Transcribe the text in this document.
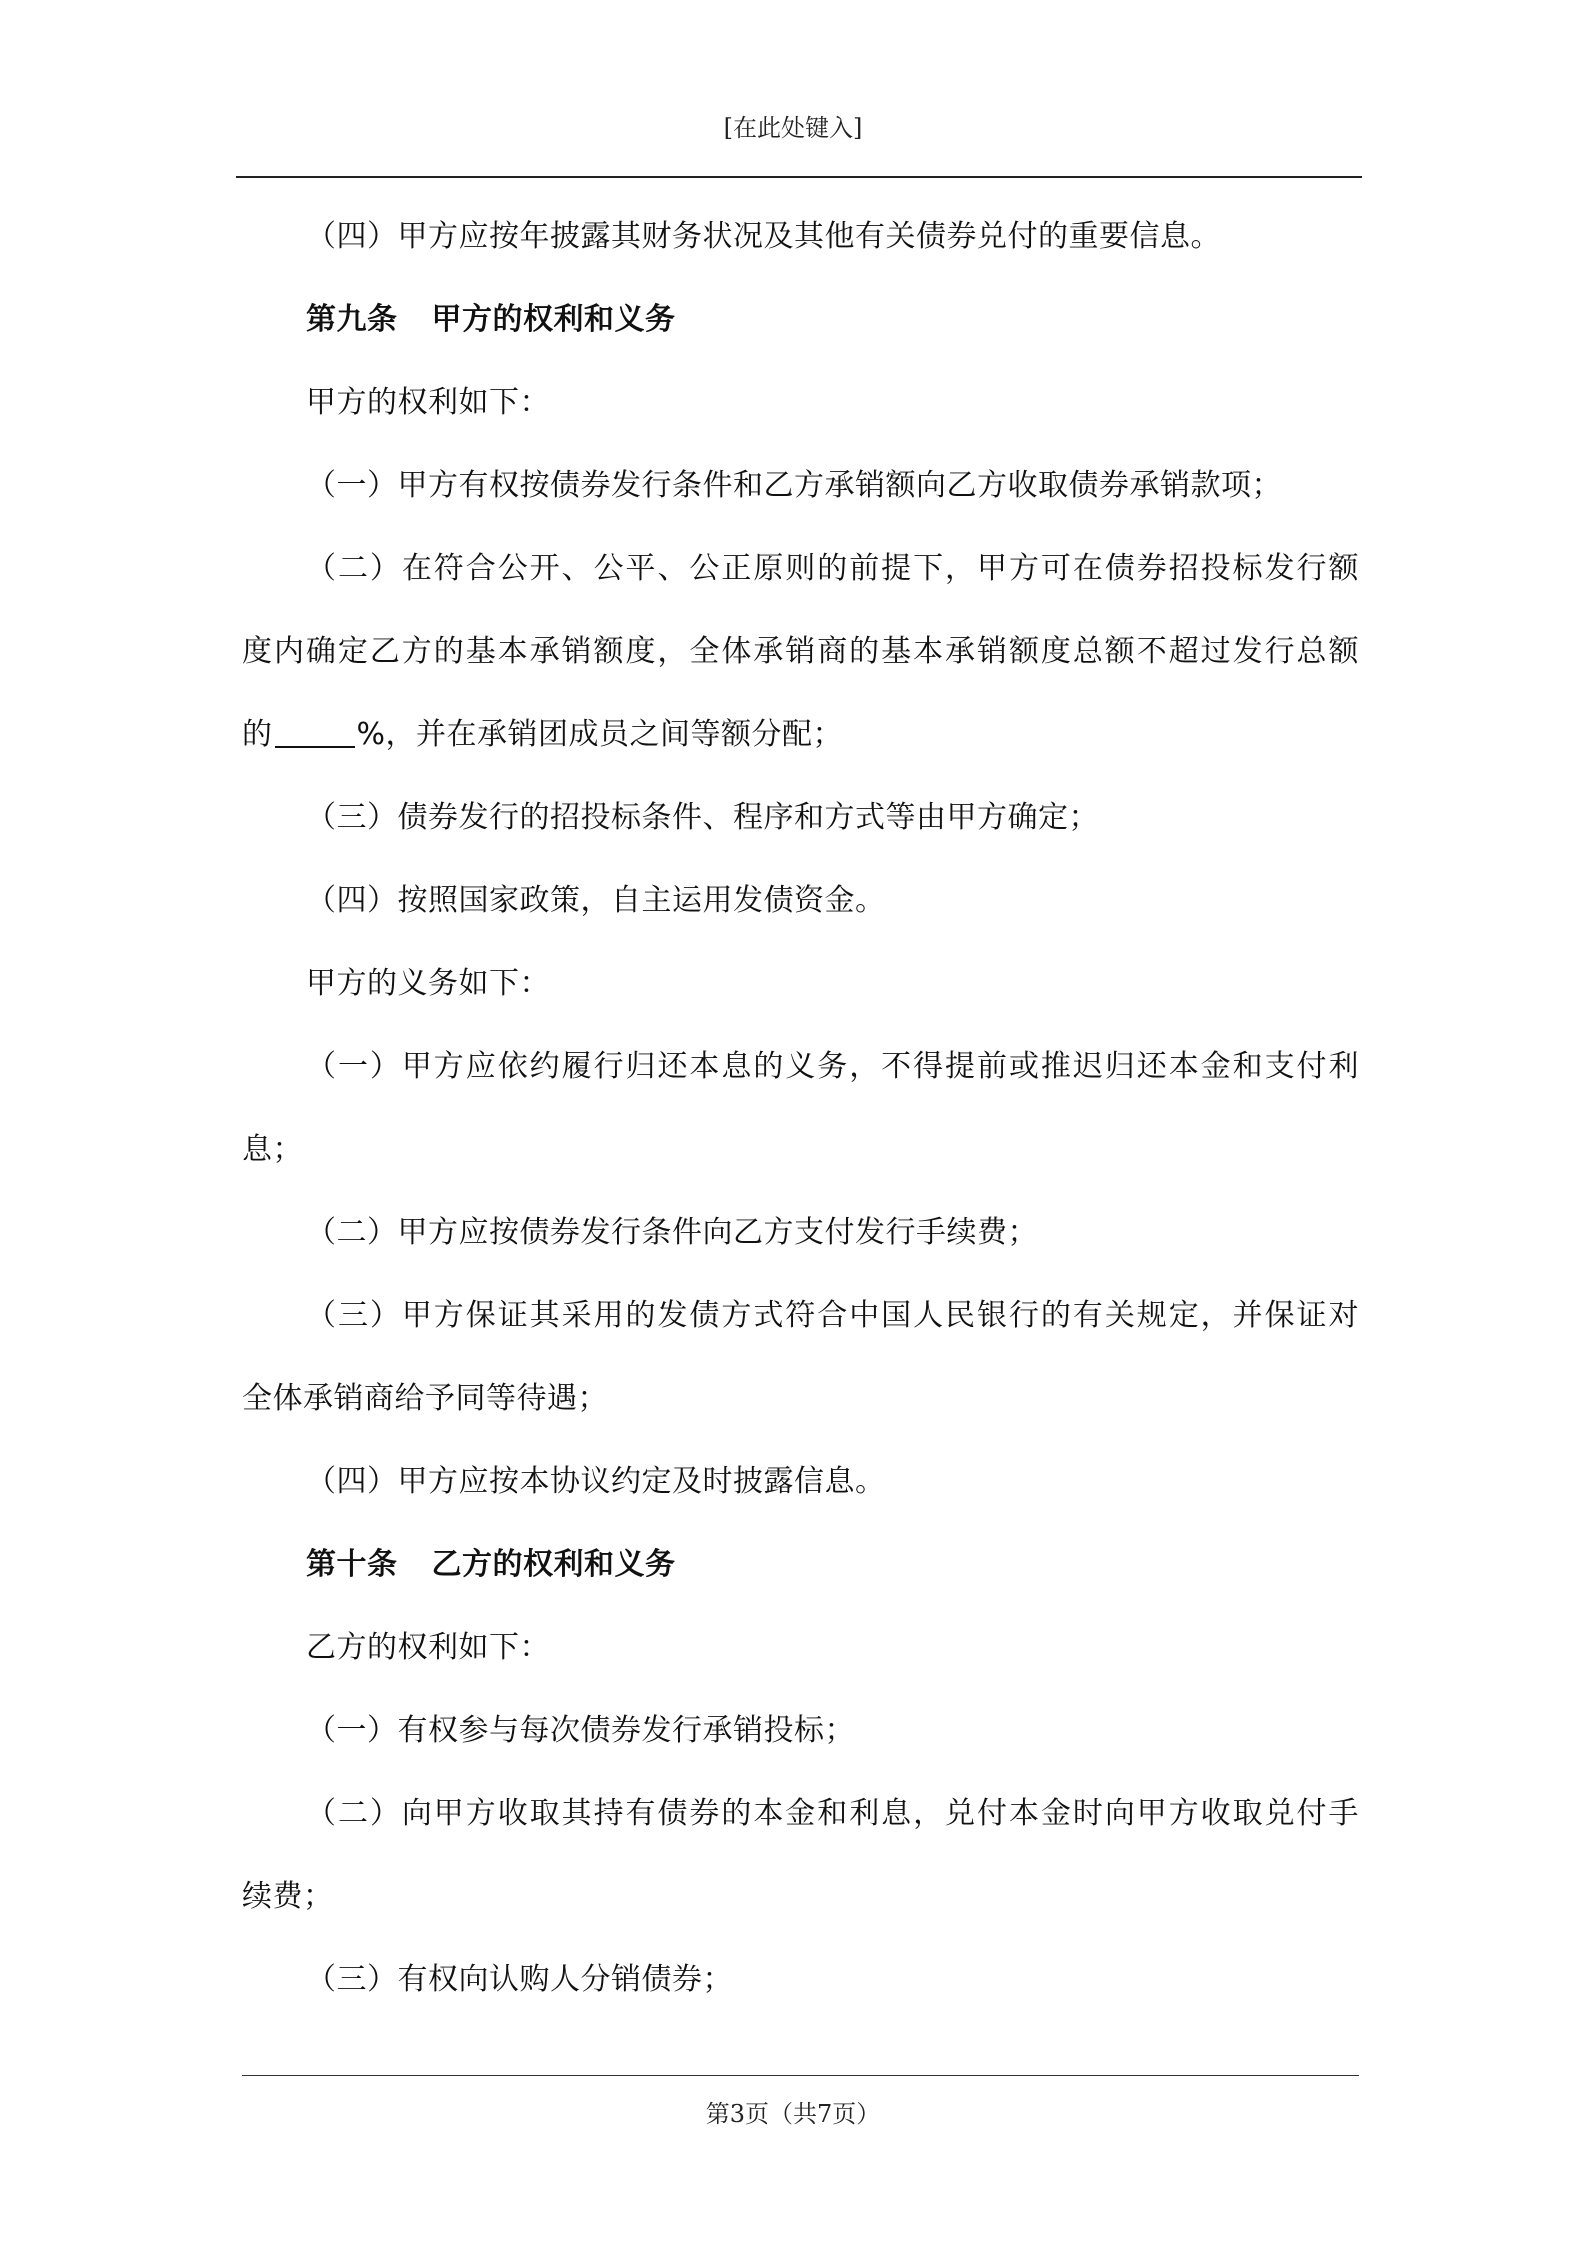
[在此处键入]
（四）甲方应按年披露其财务状况及其他有关债券兑付的重要信息。
第九条 甲方的权利和义务
甲方的权利如下：
（一）甲方有权按债券发行条件和乙方承销额向乙方收取债券承销款项；
（二）在符合公开、公平、公正原则的前提下，甲方可在债券招投标发行额
度内确定乙方的基本承销额度，全体承销商的基本承销额度总额不超过发行总额
的	%，并在承销团成员之间等额分配；
（三）债券发行的招投标条件、程序和方式等由甲方确定；
（四）按照国家政策，自主运用发债资金。
甲方的义务如下：
（一）甲方应依约履行归还本息的义务，不得提前或推迟归还本金和支付利
息；
（二）甲方应按债券发行条件向乙方支付发行手续费；
（三）甲方保证其采用的发债方式符合中国人民银行的有关规定，并保证对
全体承销商给予同等待遇；
（四）甲方应按本协议约定及时披露信息。
第十条 乙方的权利和义务
乙方的权利如下：
（一）有权参与每次债券发行承销投标；
（二）向甲方收取其持有债券的本金和利息，兑付本金时向甲方收取兑付手
续费；
（三）有权向认购人分销债券；
第3页（共7页）
